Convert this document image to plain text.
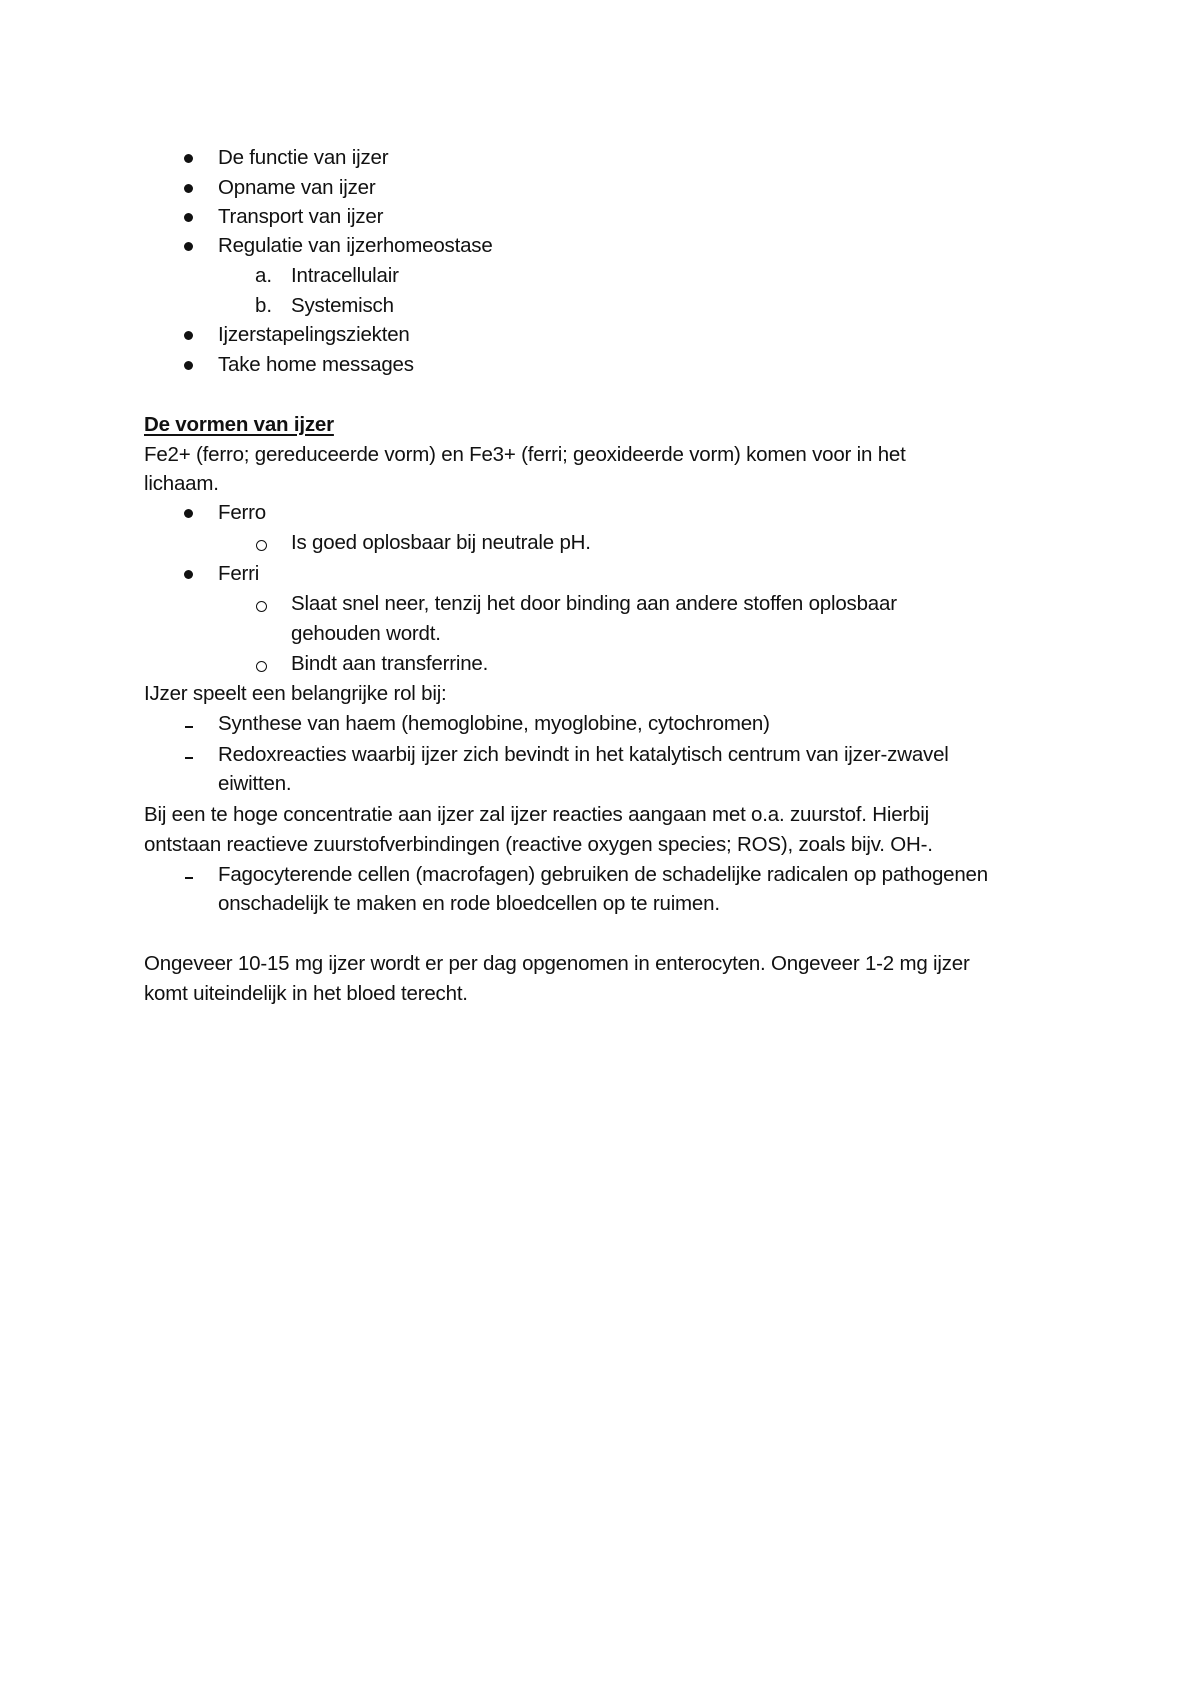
De functie van ijzer
Opname van ijzer
Transport van ijzer
Regulatie van ijzerhomeostase
a. Intracellulair
b. Systemisch
Ijzerstapelingsziekten
Take home messages
De vormen van ijzer
Fe2+ (ferro; gereduceerde vorm) en Fe3+ (ferri; geoxideerde vorm) komen voor in het
lichaam.
Ferro
Is goed oplosbaar bij neutrale pH.
Ferri
Slaat snel neer, tenzij het door binding aan andere stoffen oplosbaar
gehouden wordt.
Bindt aan transferrine.
IJzer speelt een belangrijke rol bij:
Synthese van haem (hemoglobine, myoglobine, cytochromen)
Redoxreacties waarbij ijzer zich bevindt in het katalytisch centrum van ijzer-zwavel
eiwitten.
Bij een te hoge concentratie aan ijzer zal ijzer reacties aangaan met o.a. zuurstof. Hierbij
ontstaan reactieve zuurstofverbindingen (reactive oxygen species; ROS), zoals bijv. OH-.
Fagocyterende cellen (macrofagen) gebruiken de schadelijke radicalen op pathogenen
onschadelijk te maken en rode bloedcellen op te ruimen.
Ongeveer 10-15 mg ijzer wordt er per dag opgenomen in enterocyten. Ongeveer 1-2 mg ijzer
komt uiteindelijk in het bloed terecht.
